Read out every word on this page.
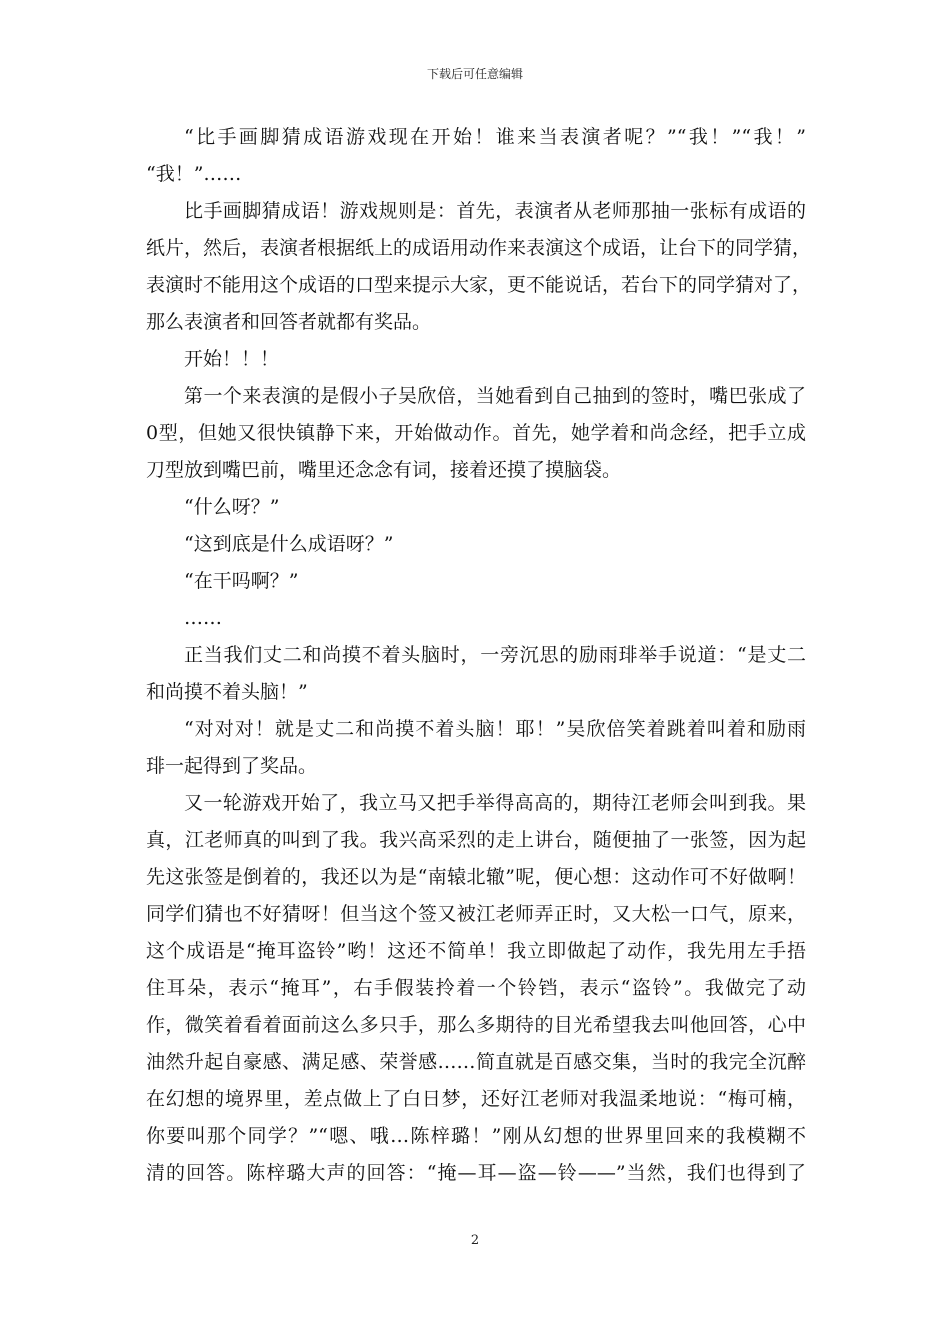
下载后可任意编辑
“比手画脚猜成语游戏现在开始！谁来当表演者呢？”“我！”“我！”
“我！”……
比手画脚猜成语！游戏规则是：首先，表演者从老师那抽一张标有成语的
纸片，然后，表演者根据纸上的成语用动作来表演这个成语，让台下的同学猜，
表演时不能用这个成语的口型来提示大家，更不能说话，若台下的同学猜对了，
那么表演者和回答者就都有奖品。
开始！！！
第一个来表演的是假小子吴欣倍，当她看到自己抽到的签时，嘴巴张成了
0型，但她又很快镇静下来，开始做动作。首先，她学着和尚念经，把手立成
刀型放到嘴巴前，嘴里还念念有词，接着还摸了摸脑袋。
“什么呀？”
“这到底是什么成语呀？”
“在干吗啊？”
……
正当我们丈二和尚摸不着头脑时，一旁沉思的励雨琲举手说道：“是丈二
和尚摸不着头脑！”
“对对对！就是丈二和尚摸不着头脑！耶！”吴欣倍笑着跳着叫着和励雨
琲一起得到了奖品。
又一轮游戏开始了，我立马又把手举得高高的，期待江老师会叫到我。果
真，江老师真的叫到了我。我兴高采烈的走上讲台，随便抽了一张签，因为起
先这张签是倒着的，我还以为是“南辕北辙”呢，便心想：这动作可不好做啊！
同学们猜也不好猜呀！但当这个签又被江老师弄正时，又大松一口气，原来，
这个成语是“掩耳盗铃”哟！这还不简单！我立即做起了动作，我先用左手捂
住耳朵，表示“掩耳”，右手假装拎着一个铃铛，表示“盗铃”。我做完了动
作，微笑着看着面前这么多只手，那么多期待的目光希望我去叫他回答，心中
油然升起自豪感、满足感、荣誉感……简直就是百感交集，当时的我完全沉醉
在幻想的境界里，差点做上了白日梦，还好江老师对我温柔地说：“梅可楠，
你要叫那个同学？”“嗯、哦…陈梓璐！”刚从幻想的世界里回来的我模糊不
清的回答。陈梓璐大声的回答：“掩—耳—盗—铃——”当然，我们也得到了
2
